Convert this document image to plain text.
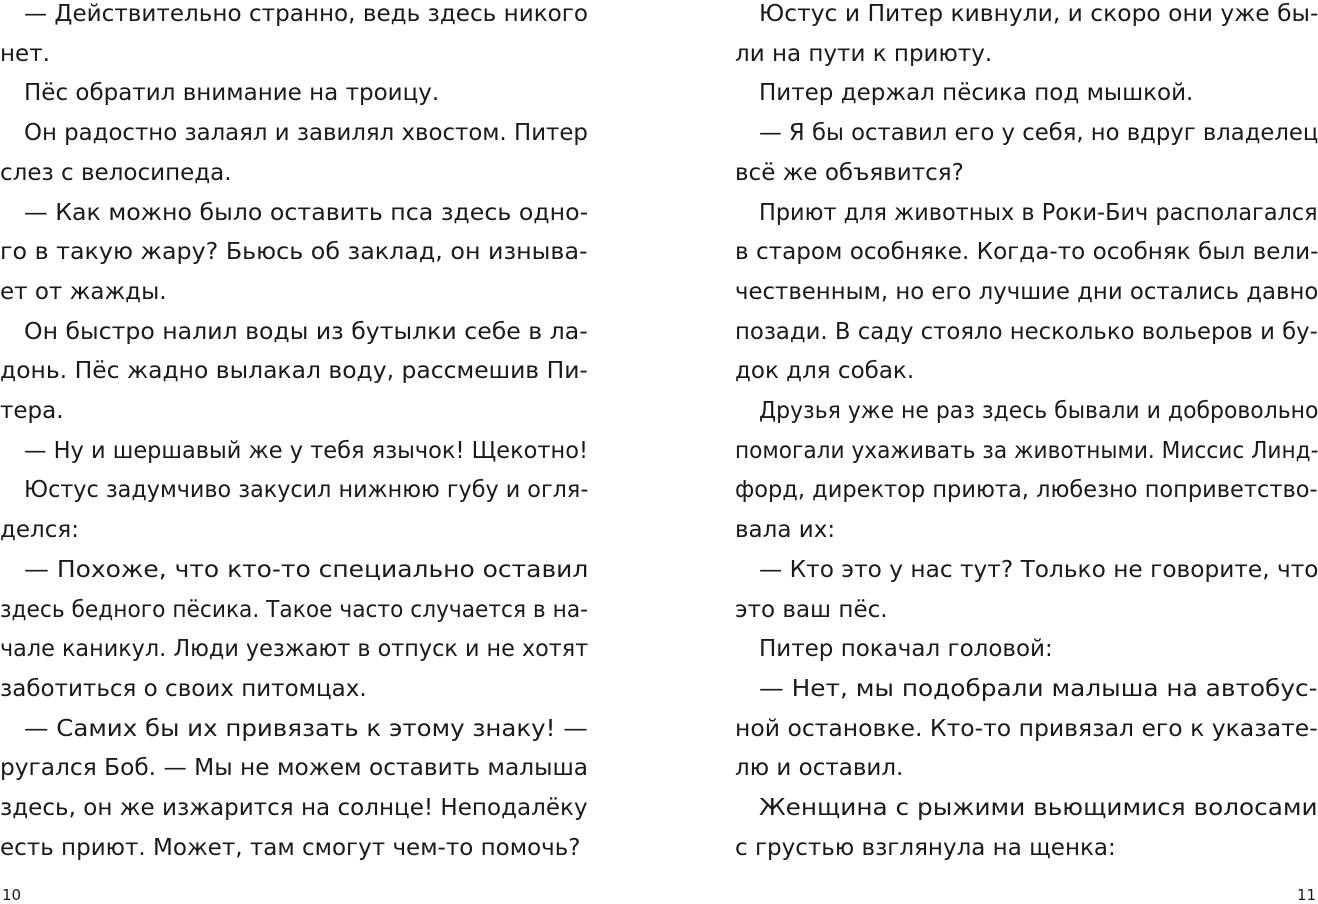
— Действительно странно, ведь здесь никого
нет.
Пёс обратил внимание на троицу.
Он радостно залаял и завилял хвостом. Питер
слез с велосипеда.
— Как можно было оставить пса здесь одно-
го в такую жару? Бьюсь об заклад, он изныва-
ет от жажды.
Он быстро налил воды из бутылки себе в ла-
донь. Пёс жадно вылакал воду, рассмешив Пи-
тера.
— Ну и шершавый же у тебя язычок! Щекотно!
Юстус задумчиво закусил нижнюю губу и огля-
делся:
— Похоже, что кто-то специально оставил
здесь бедного пёсика. Такое часто случается в на-
чале каникул. Люди уезжают в отпуск и не хотят
заботиться о своих питомцах.
— Самих бы их привязать к этому знаку! —
ругался Боб. — Мы не можем оставить малыша
здесь, он же изжарится на солнце! Неподалёку
есть приют. Может, там смогут чем-то помочь?
Юстус и Питер кивнули, и скоро они уже бы-
ли на пути к приюту.
Питер держал пёсика под мышкой.
— Я бы оставил его у себя, но вдруг владелец
всё же объявится?
Приют для животных в Роки-Бич располагался
в старом особняке. Когда-то особняк был вели-
чественным, но его лучшие дни остались давно
позади. В саду стояло несколько вольеров и бу-
док для собак.
Друзья уже не раз здесь бывали и добровольно
помогали ухаживать за животными. Миссис Линд-
форд, директор приюта, любезно поприветство-
вала их:
— Кто это у нас тут? Только не говорите, что
это ваш пёс.
Питер покачал головой:
— Нет, мы подобрали малыша на автобус-
ной остановке. Кто-то привязал его к указате-
лю и оставил.
Женщина с рыжими вьющимися волосами
с грустью взглянула на щенка:
10	11
